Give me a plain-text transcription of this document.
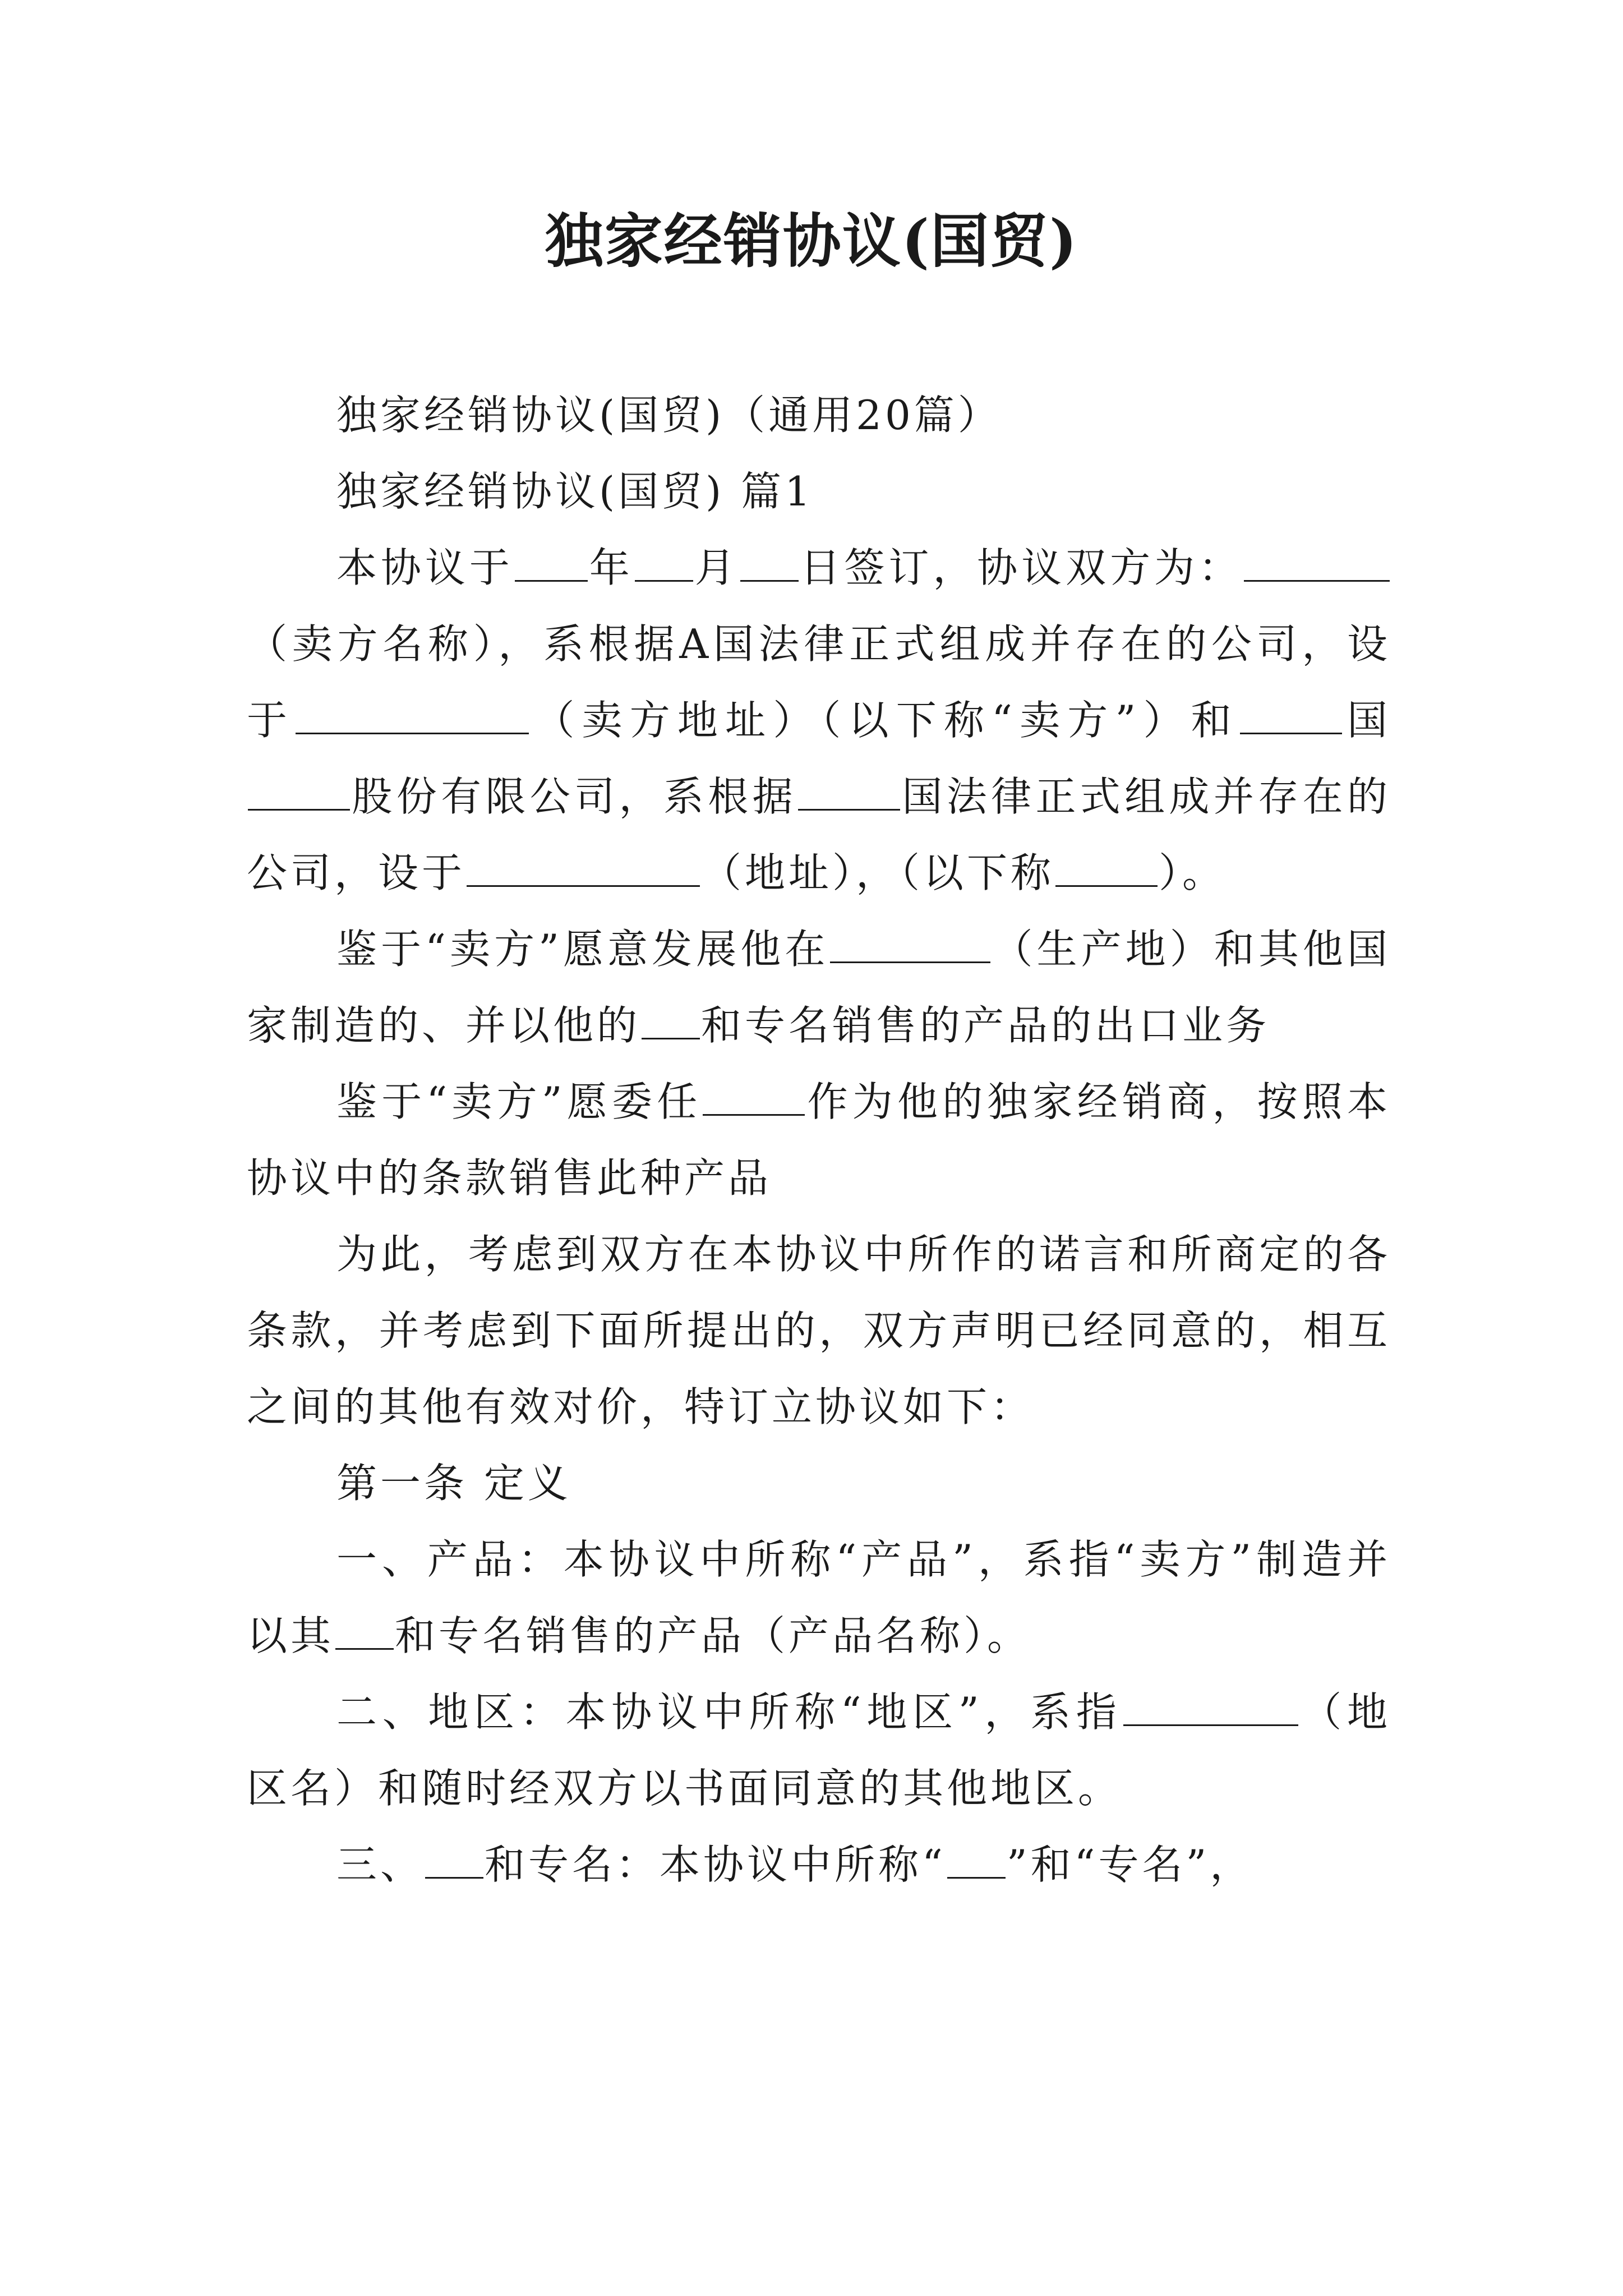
独家经销协议(国贸)

独家经销协议(国贸)（通用20篇）

独家经销协议(国贸) 篇1

本协议于 年 月 日签订，协议双方为：（卖方名称），系根据A国法律正式组成并存在的公司，设于	（卖方地址）（以下称“卖方”）和	国股份有限公司，系根据	国法律正式组成并存在的公司，设于	（地址），（以下称	）。

鉴于“卖方”愿意发展他在	（生产地）和其他国家制造的、并以他的 和专名销售的产品的出口业务

鉴于“卖方”愿委任	作为他的独家经销商，按照本协议中的条款销售此种产品

为此，考虑到双方在本协议中所作的诺言和所商定的各条款，并考虑到下面所提出的，双方声明已经同意的，相互之间的其他有效对价，特订立协议如下：

第一条 定义

一、产品：本协议中所称“产品”，系指“卖方”制造并以其 和专名销售的产品（产品名称）。

二、地区：本协议中所称“地区”，系指	（地区名）和随时经双方以书面同意的其他地区。

三、 和专名：本协议中所称“ ”和“专名”，
